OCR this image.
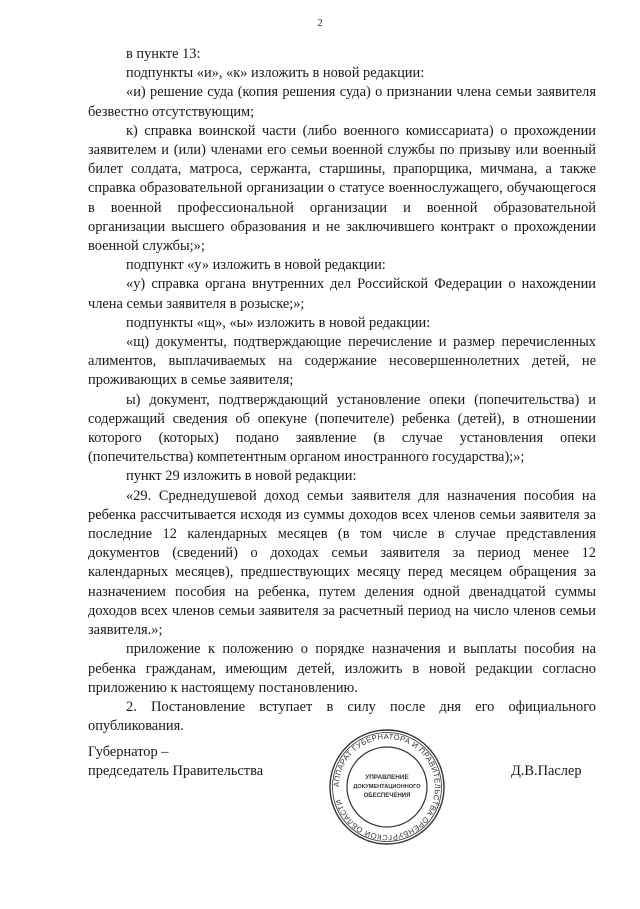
2

в пункте 13:

подпункты «и», «к» изложить в новой редакции:

«и) решение суда (копия решения суда) о признании члена семьи заявителя безвестно отсутствующим;

к) справка воинской части (либо военного комиссариата) о прохождении заявителем и (или) членами его семьи военной службы по призыву или военный билет солдата, матроса, сержанта, старшины, прапорщика, мичмана, а также справка образовательной организации о статусе военнослужащего, обучающегося в военной профессиональной организации и военной образовательной организации высшего образования и не заключившего контракт о прохождении военной службы;»;

подпункт «у» изложить в новой редакции:

«у) справка органа внутренних дел Российской Федерации о нахождении члена семьи заявителя в розыске;»;

подпункты «щ», «ы» изложить в новой редакции:

«щ) документы, подтверждающие перечисление и размер перечисленных алиментов, выплачиваемых на содержание несовершеннолетних детей, не проживающих в семье заявителя;

ы) документ, подтверждающий установление опеки (попечительства) и содержащий сведения об опекуне (попечителе) ребенка (детей), в отношении которого (которых) подано заявление (в случае установления опеки (попечительства) компетентным органом иностранного государства);»;

пункт 29 изложить в новой редакции:

«29. Среднедушевой доход семьи заявителя для назначения пособия на ребенка рассчитывается исходя из суммы доходов всех членов семьи заявителя за последние 12 календарных месяцев (в том числе в случае представления документов (сведений) о доходах семьи заявителя за период менее 12 календарных месяцев), предшествующих месяцу перед месяцем обращения за назначением пособия на ребенка, путем деления одной двенадцатой суммы доходов всех членов семьи заявителя за расчетный период на число членов семьи заявителя.»;

приложение к положению о порядке назначения и выплаты пособия на ребенка гражданам, имеющим детей, изложить в новой редакции согласно приложению к настоящему постановлению.

2. Постановление вступает в силу после дня его официального опубликования.

Губернатор –
председатель Правительства
АППАРАТ ГУБЕРНАТОРА И ПРАВИТЕЛЬСТВА ОРЕНБУРГСКОЙ ОБЛАСТИ
УПРАВЛЕНИЕ
ДОКУМЕНТАЦИОННОГО
ОБЕСПЕЧЕНИЯ
Д.В.Паслер
